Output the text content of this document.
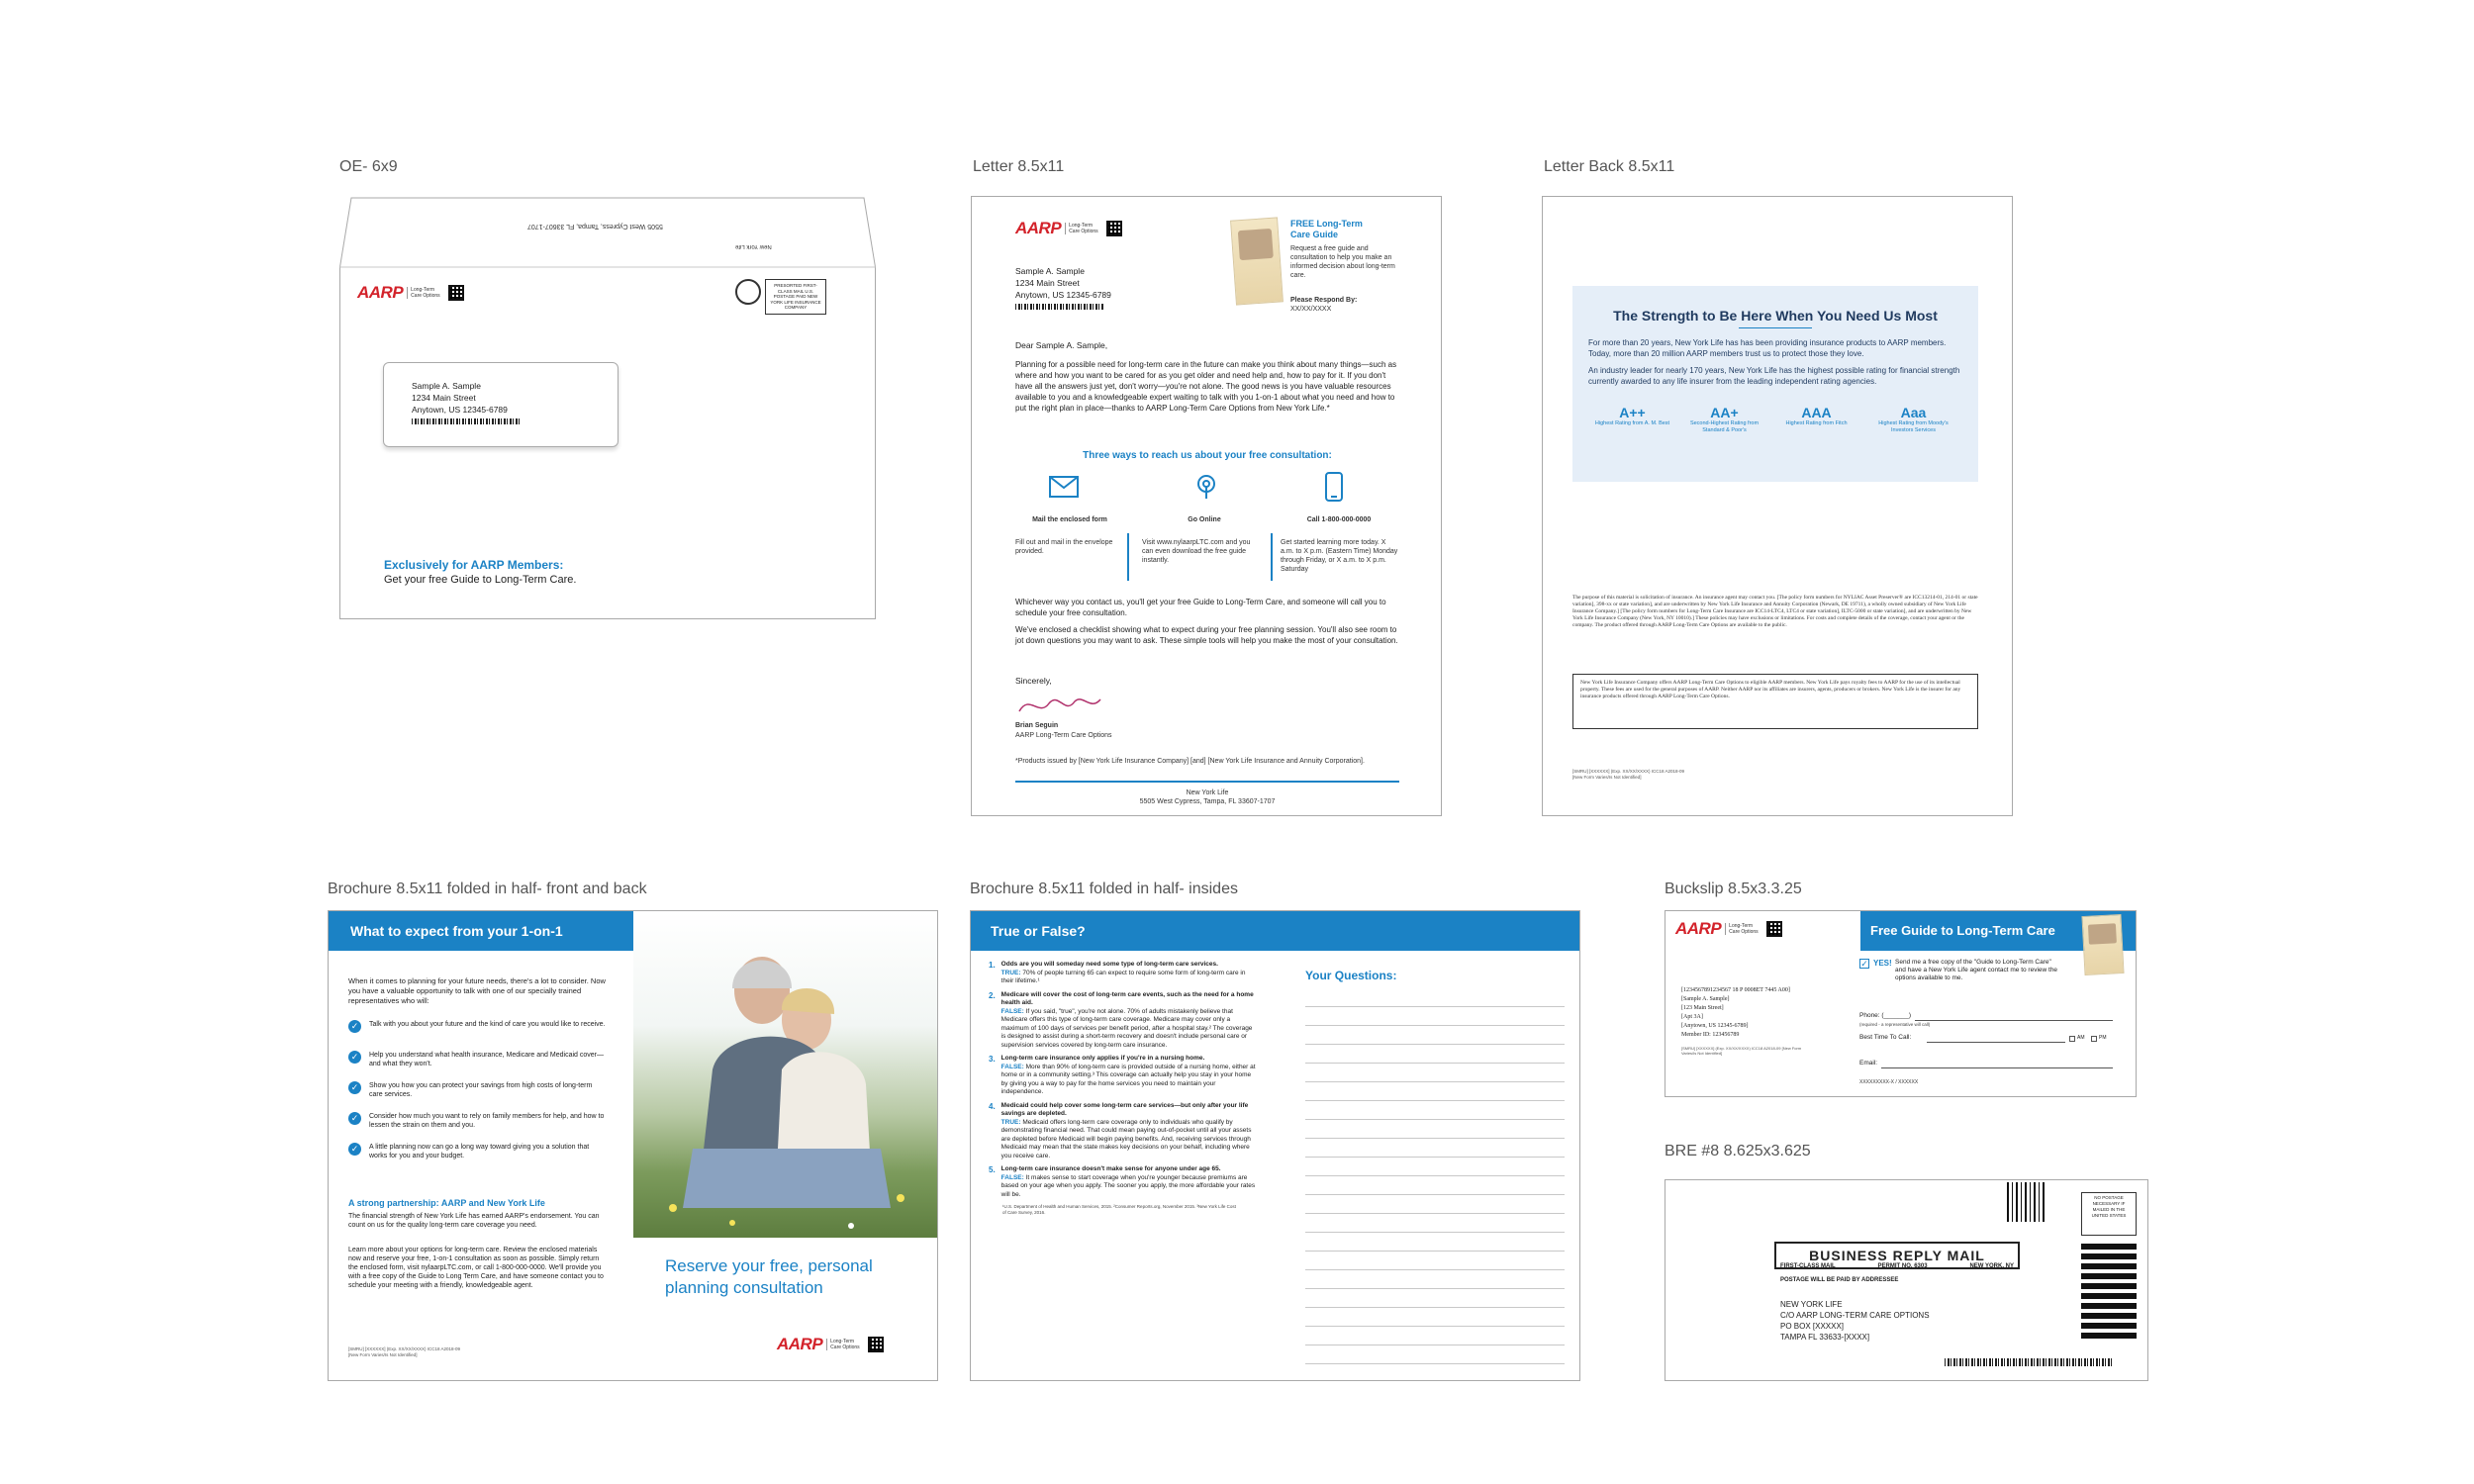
OE- 6x9	Letter 8.5x11	Letter Back 8.5x11
Brochure 8.5x11 folded in half- front and back	Brochure 8.5x11 folded in half- insides	Buckslip 8.5x3.3.25
BRE #8 8.625x3.625
5505 West Cypress, Tampa, FL 33607-1707
New York Life
AARP	Long-Term Care Options
PRESORTED FIRST-CLASS MAIL U.S. POSTAGE PAID NEW YORK LIFE INSURANCE COMPANY
Sample A. Sample
1234 Main Street
Anytown, US 12345-6789
Exclusively for AARP Members:
Get your free Guide to Long-Term Care.
AARP	Long-Term Care Options
FREE Long-Term Care Guide
Request a free guide and consultation to help you make an informed decision about long-term care.
Please Respond By:
XX/XX/XXXX
Sample A. Sample
1234 Main Street
Anytown, US 12345-6789
Dear Sample A. Sample,
Planning for a possible need for long-term care in the future can make you think about many things—such as where and how you want to be cared for as you get older and need help and, how to pay for it. If you don't have all the answers just yet, don't worry—you're not alone. The good news is you have valuable resources available to you and a knowledgeable expert waiting to talk with you 1-on-1 about what you need and how to put the right plan in place—thanks to AARP Long-Term Care Options from New York Life.*
Three ways to reach us about your free consultation:
Mail the enclosed form
Fill out and mail in the envelope provided.
Go Online
Visit www.nylaarpLTC.com and you can even download the free guide instantly.
Call 1-800-000-0000
Get started learning more today. X a.m. to X p.m. (Eastern Time) Monday through Friday, or X a.m. to X p.m. Saturday
Whichever way you contact us, you'll get your free Guide to Long-Term Care, and someone will call you to schedule your free consultation.
We've enclosed a checklist showing what to expect during your free planning session. You'll also see room to jot down questions you may want to ask. These simple tools will help you make the most of your consultation.
Sincerely,
Brian Seguin
AARP Long-Term Care Options
*Products issued by [New York Life Insurance Company] [and] [New York Life Insurance and Annuity Corporation].
New York Life
5505 West Cypress, Tampa, FL 33607-1707
The Strength to Be Here When You Need Us Most
For more than 20 years, New York Life has has been providing insurance products to AARP members. Today, more than 20 million AARP members trust us to protect those they love.
An industry leader for nearly 170 years, New York Life has the highest possible rating for financial strength currently awarded to any life insurer from the leading independent rating agencies.
A++
Highest Rating from A. M. Best
AA+
Second-Highest Rating from Standard & Poor's
AAA
Highest Rating from Fitch
Aaa
Highest Rating from Moody's Investors Services
The purpose of this material is solicitation of insurance. An insurance agent may contact you. [The policy form numbers for NYLIAC Asset Preserver® are ICC13214-01, 214-01 or state variation], 398-xx or state variation], and are underwritten by New York Life Insurance and Annuity Corporation (Newark, DE 19711), a wholly owned subsidiary of New York Life Insurance Company.] [The policy form numbers for Long-Term Care Insurance are ICC14-LTC4, LTC4 or state variation], ILTC-5000 or state variation], and are underwritten by New York Life Insurance Company (New York, NY 10010).] These policies may have exclusions or limitations. For costs and complete details of the coverage, contact your agent or the company. The product offered through AARP Long-Term Care Options are available to the public.
New York Life Insurance Company offers AARP Long-Term Care Options to eligible AARP members. New York Life pays royalty fees to AARP for the use of its intellectual property. These fees are used for the general purposes of AARP. Neither AARP nor its affiliates are insurers, agents, producers or brokers. New York Life is the insurer for any insurance products offered through AARP Long-Term Care Options.
[SMRU] [XXXXXX] (Exp. XX/XX/XXXX) ICC18 A2018-09 [New Form Varies/Is Not Identified]
What to expect from your 1-on-1
When it comes to planning for your future needs, there's a lot to consider. Now you have a valuable opportunity to talk with one of our specially trained representatives who will:
✓	Talk with you about your future and the kind of care you would like to receive.
✓	Help you understand what health insurance, Medicare and Medicaid cover—and what they won't.
✓	Show you how you can protect your savings from high costs of long-term care services.
✓	Consider how much you want to rely on family members for help, and how to lessen the strain on them and you.
✓	A little planning now can go a long way toward giving you a solution that works for you and your budget.
A strong partnership: AARP and New York Life
The financial strength of New York Life has earned AARP's endorsement. You can count on us for the quality long-term care coverage you need.
Learn more about your options for long-term care. Review the enclosed materials now and reserve your free, 1-on-1 consultation as soon as possible. Simply return the enclosed form, visit nylaarpLTC.com, or call 1-800-000-0000. We'll provide you with a free copy of the Guide to Long Term Care, and have someone contact you to schedule your meeting with a friendly, knowledgeable agent.
[SMRU] [XXXXXX] (Exp. XX/XX/XXXX) ICC18 A2018-09 [New Form Varies/Is Not Identified]
Reserve your free, personal planning consultation
AARP	Long-Term Care Options
True or False?
1. Odds are you will someday need some type of long-term care services.
TRUE: 70% of people turning 65 can expect to require some form of long-term care in their lifetime.¹
2. Medicare will cover the cost of long-term care events, such as the need for a home health aid.
FALSE: If you said, "true", you're not alone. 70% of adults mistakenly believe that Medicare offers this type of long-term care coverage. Medicare may cover only a maximum of 100 days of services per benefit period, after a hospital stay.² The coverage is designed to assist during a short-term recovery and doesn't include personal care or supervision services covered by long-term care insurance.
3. Long-term care insurance only applies if you're in a nursing home.
FALSE: More than 90% of long-term care is provided outside of a nursing home, either at home or in a community setting.³ This coverage can actually help you stay in your home by giving you a way to pay for the home services you need to maintain your independence.
4. Medicaid could help cover some long-term care services—but only after your life savings are depleted.
TRUE: Medicaid offers long-term care coverage only to individuals who qualify by demonstrating financial need. That could mean paying out-of-pocket until all your assets are depleted before Medicaid will begin paying benefits. And, receiving services through Medicaid may mean that the state makes key decisions on your behalf, including where you receive care.
5. Long-term care insurance doesn't make sense for anyone under age 65.
FALSE: It makes sense to start coverage when you're younger because premiums are based on your age when you apply. The sooner you apply, the more affordable your rates will be.
¹U.S. Department of Health and Human Services, 2015. ²Consumer Reports.org, November 2015. ³New York Life Cost of Care Survey, 2016.
Your Questions:
AARP	Long-Term Care Options	Free Guide to Long-Term Care
[1234567891234567 18 P 0008ET 7445 A00]
[Sample A. Sample]
[123 Main Street]
[Apt 3A]
[Anytown, US 12345-6789]
Member ID: 123456789
[SMRU] [XXXXXX] (Exp. XX/XX/XXXX) ICC18 A2018-09 [New Form Varies/Is Not Identified]
✓ YES! Send me a free copy of the "Guide to Long-Term Care" and have a New York Life agent contact me to review the options available to me.
Phone: (_______)
(required - a representative will call)
Best Time To Call:	AM	PM
Email:
XXXXXXXXX-X / XXXXXX
NO POSTAGE NECESSARY IF MAILED IN THE UNITED STATES
BUSINESS REPLY MAIL
FIRST-CLASS MAIL	PERMIT NO. 6303	NEW YORK, NY
POSTAGE WILL BE PAID BY ADDRESSEE
NEW YORK LIFE
C/O AARP LONG-TERM CARE OPTIONS
PO BOX [XXXXX]
TAMPA FL 33633-[XXXX]
